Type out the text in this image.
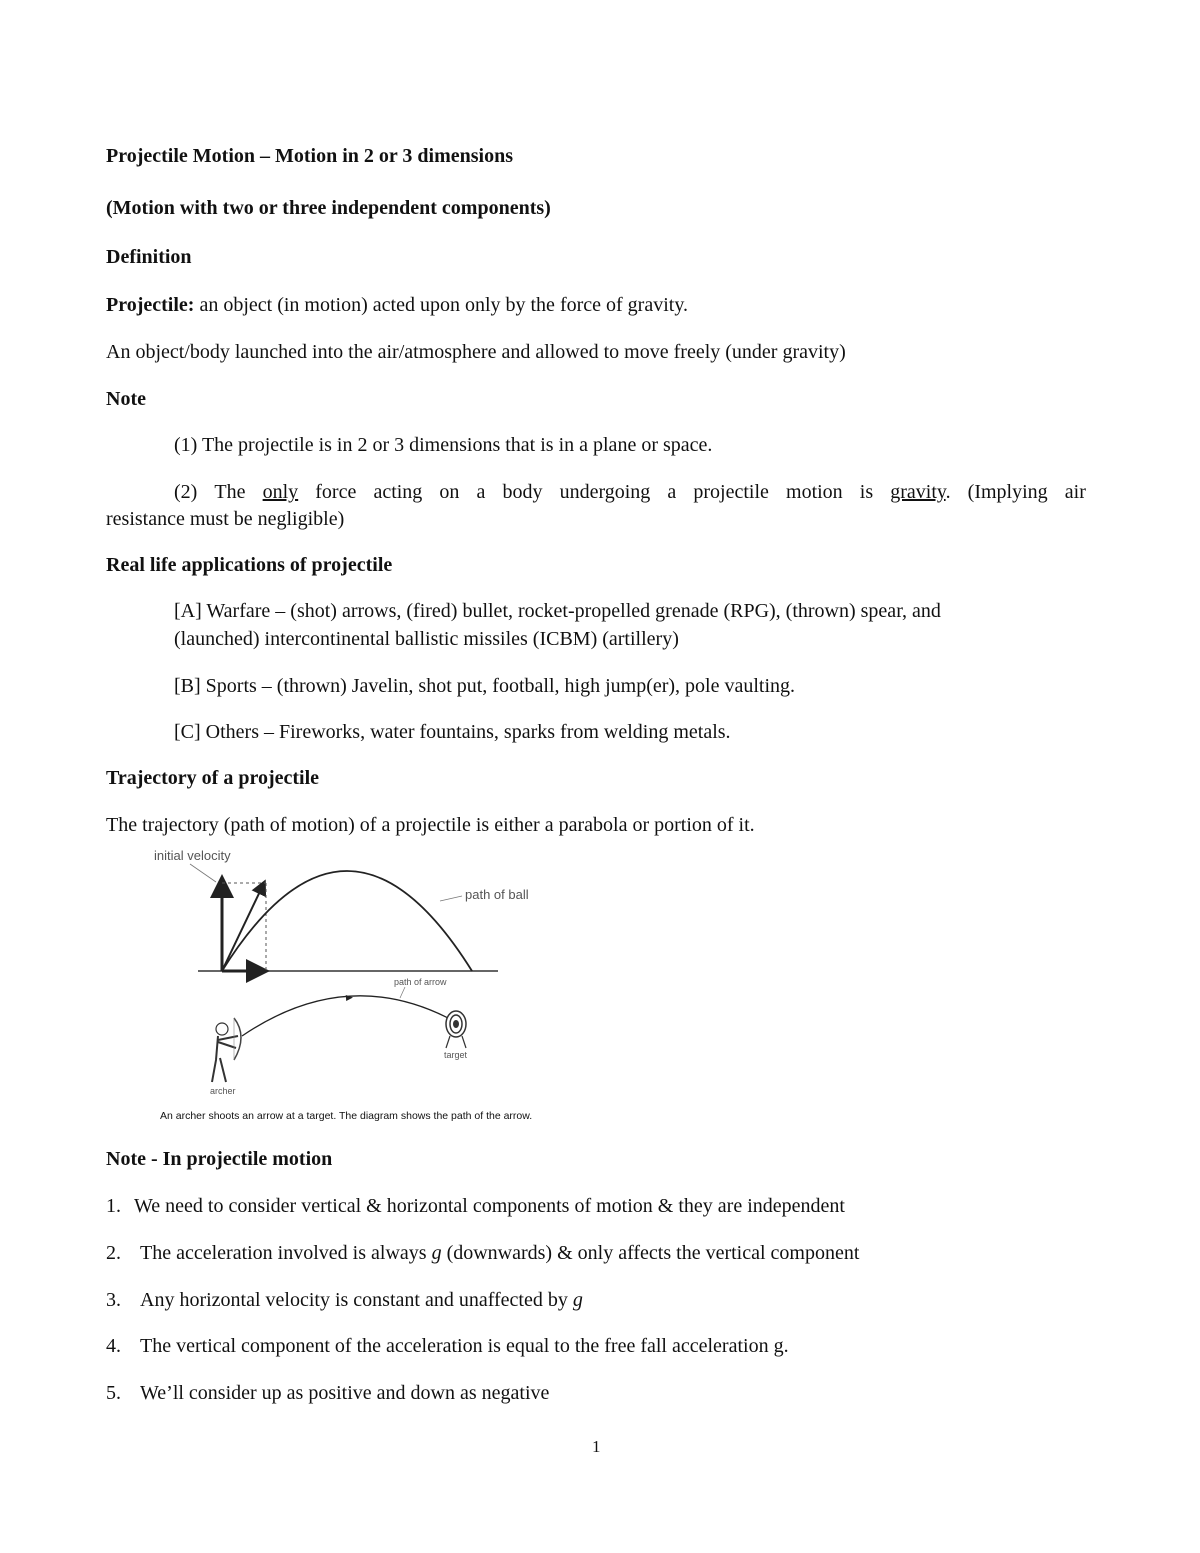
Projectile Motion – Motion in 2 or 3 dimensions
(Motion with two or three independent components)
Definition
Projectile: an object (in motion) acted upon only by the force of gravity.
An object/body launched into the air/atmosphere and allowed to move freely (under gravity)
Note
(1) The projectile is in 2 or 3 dimensions that is in a plane or space.
(2) The only force acting on a body undergoing a projectile motion is gravity. (Implying air
resistance must be negligible)
Real life applications of projectile
[A] Warfare – (shot) arrows, (fired) bullet, rocket-propelled grenade (RPG), (thrown) spear, and
(launched) intercontinental ballistic missiles (ICBM) (artillery)
[B] Sports – (thrown) Javelin, shot put, football, high jump(er), pole vaulting.
[C] Others – Fireworks, water fountains, sparks from welding metals.
Trajectory of a projectile
The trajectory (path of motion) of a projectile is either a parabola or portion of it.
initial velocity
path of ball
path of arrow
archer
target
An archer shoots an arrow at a target. The diagram shows the path of the arrow.
Note - In projectile motion
1. We need to consider vertical & horizontal components of motion & they are independent
2. The acceleration involved is always g (downwards) & only affects the vertical component
3. Any horizontal velocity is constant and unaffected by g
4. The vertical component of the acceleration is equal to the free fall acceleration g.
5. We’ll consider up as positive and down as negative
1
